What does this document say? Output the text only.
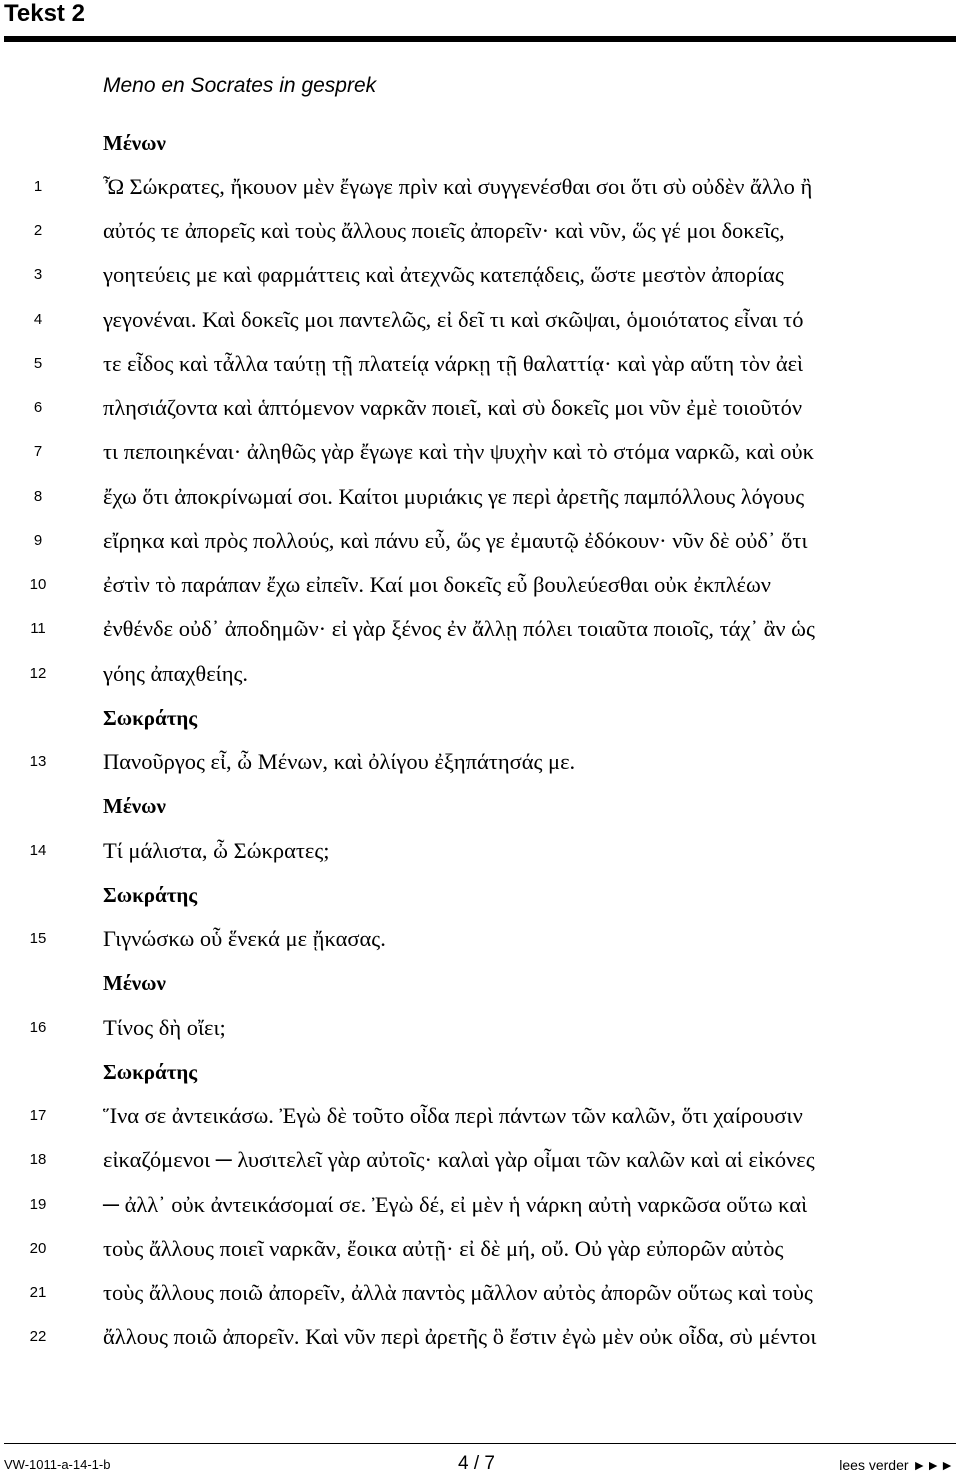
Tekst 2
Meno en Socrates in gesprek
Μένων
1	Ὦ Σώκρατες, ἤκουον μὲν ἔγωγε πρὶν καὶ συγγενέσθαι σοι ὅτι σὺ οὐδὲν ἄλλο ἢ
2	αὐτός τε ἀπορεῖς καὶ τοὺς ἄλλους ποιεῖς ἀπορεῖν· καὶ νῦν, ὥς γέ μοι δοκεῖς,
3	γοητεύεις με καὶ φαρμάττεις καὶ ἀτεχνῶς κατεπᾴδεις, ὥστε μεστὸν ἀπορίας
4	γεγονέναι. Καὶ δοκεῖς μοι παντελῶς, εἰ δεῖ τι καὶ σκῶψαι, ὁμοιότατος εἶναι τό
5	τε εἶδος καὶ τἆλλα ταύτῃ τῇ πλατείᾳ νάρκῃ τῇ θαλαττίᾳ· καὶ γὰρ αὕτη τὸν ἀεὶ
6	πλησιάζοντα καὶ ἁπτόμενον ναρκᾶν ποιεῖ, καὶ σὺ δοκεῖς μοι νῦν ἐμὲ τοιοῦτόν
7	τι πεποιηκέναι· ἀληθῶς γὰρ ἔγωγε καὶ τὴν ψυχὴν καὶ τὸ στόμα ναρκῶ, καὶ οὐκ
8	ἔχω ὅτι ἀποκρίνωμαί σοι. Καίτοι μυριάκις γε περὶ ἀρετῆς παμπόλλους λόγους
9	εἴρηκα καὶ πρὸς πολλούς, καὶ πάνυ εὖ, ὥς γε ἐμαυτῷ ἐδόκουν· νῦν δὲ οὐδ᾽ ὅτι
10	ἐστὶν τὸ παράπαν ἔχω εἰπεῖν. Καί μοι δοκεῖς εὖ βουλεύεσθαι οὐκ ἐκπλέων
11	ἐνθένδε οὐδ᾽ ἀποδημῶν· εἰ γὰρ ξένος ἐν ἄλλῃ πόλει τοιαῦτα ποιοῖς, τάχ᾽ ἂν ὡς
12	γόης ἀπαχθείης.
Σωκράτης
13	Πανοῦργος εἶ, ὦ Μένων, καὶ ὀλίγου ἐξηπάτησάς με.
Μένων
14	Τί μάλιστα, ὦ Σώκρατες;
Σωκράτης
15	Γιγνώσκω οὗ ἕνεκά με ᾔκασας.
Μένων
16	Τίνος δὴ οἴει;
Σωκράτης
17	Ἵνα σε ἀντεικάσω. Ἐγὼ δὲ τοῦτο οἶδα περὶ πάντων τῶν καλῶν, ὅτι χαίρουσιν
18	εἰκαζόμενοι ─ λυσιτελεῖ γὰρ αὐτοῖς· καλαὶ γὰρ οἶμαι τῶν καλῶν καὶ αἱ εἰκόνες
19	─ ἀλλ᾽ οὐκ ἀντεικάσομαί σε. Ἐγὼ δέ, εἰ μὲν ἡ νάρκη αὐτὴ ναρκῶσα οὕτω καὶ
20	τοὺς ἄλλους ποιεῖ ναρκᾶν, ἔοικα αὐτῇ· εἰ δὲ μή, οὔ. Οὐ γὰρ εὐπορῶν αὐτὸς
21	τοὺς ἄλλους ποιῶ ἀπορεῖν, ἀλλὰ παντὸς μᾶλλον αὐτὸς ἀπορῶν οὕτως καὶ τοὺς
22	ἄλλους ποιῶ ἀπορεῖν. Καὶ νῦν περὶ ἀρετῆς ὃ ἔστιν ἐγὼ μὲν οὐκ οἶδα, σὺ μέντοι
VW-1011-a-14-1-b	4 / 7	lees verder ►►►
